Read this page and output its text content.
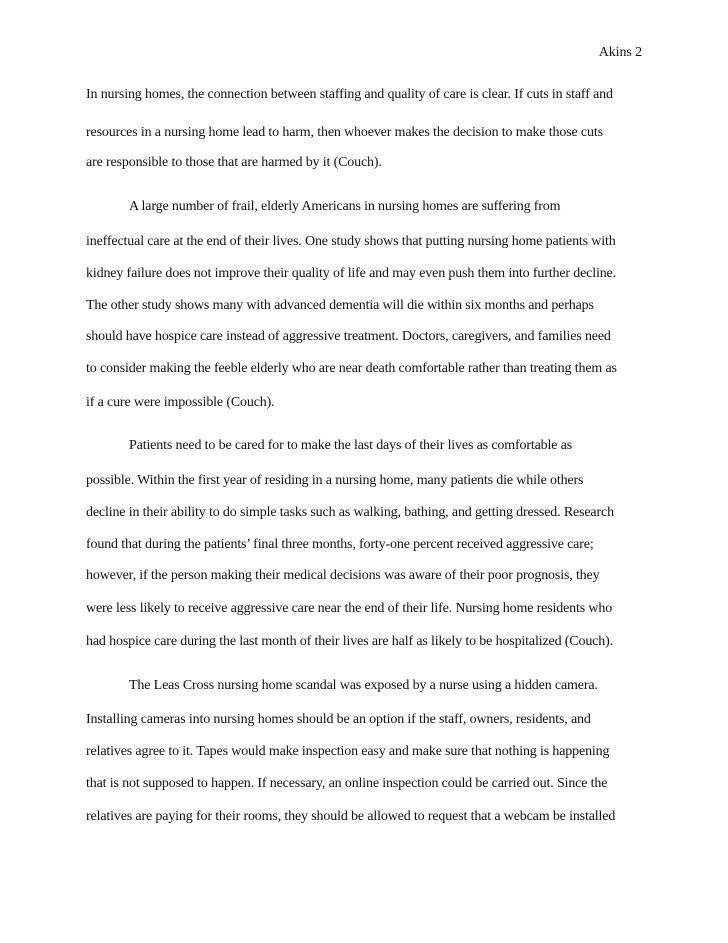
Akins 2
In nursing homes, the connection between staffing and quality of care is clear. If cuts in staff and
resources in a nursing home lead to harm, then whoever makes the decision to make those cuts
are responsible to those that are harmed by it (Couch).
A large number of frail, elderly Americans in nursing homes are suffering from
ineffectual care at the end of their lives. One study shows that putting nursing home patients with
kidney failure does not improve their quality of life and may even push them into further decline.
The other study shows many with advanced dementia will die within six months and perhaps
should have hospice care instead of aggressive treatment. Doctors, caregivers, and families need
to consider making the feeble elderly who are near death comfortable rather than treating them as
if a cure were impossible (Couch).
Patients need to be cared for to make the last days of their lives as comfortable as
possible. Within the first year of residing in a nursing home, many patients die while others
decline in their ability to do simple tasks such as walking, bathing, and getting dressed. Research
found that during the patients’ final three months, forty-one percent received aggressive care;
however, if the person making their medical decisions was aware of their poor prognosis, they
were less likely to receive aggressive care near the end of their life. Nursing home residents who
had hospice care during the last month of their lives are half as likely to be hospitalized (Couch).
The Leas Cross nursing home scandal was exposed by a nurse using a hidden camera.
Installing cameras into nursing homes should be an option if the staff, owners, residents, and
relatives agree to it. Tapes would make inspection easy and make sure that nothing is happening
that is not supposed to happen. If necessary, an online inspection could be carried out. Since the
relatives are paying for their rooms, they should be allowed to request that a webcam be installed
